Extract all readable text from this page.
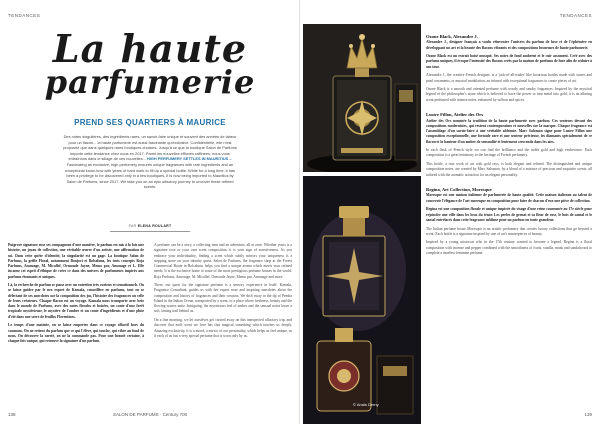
TENDANCES
La haute
parfumerie
PREND SES QUARTIERS À MAURICE
Des notes singulières, des ingrédients rares, un savoir-faire unique et souvent des années de labeur pour un flacon... la haute parfumerie est aussi fascinante qu'exclusive. Confidentielle, elle n'est proposée que dans quelques rares boutiques choisies. Jusqu'à ce que la boutique Salon de Parfums importe cette tendance chez nous en 2017. Parmi les nouvelles effluves raffinées, nous vous entraînons dans le sillage de ces nouvelles... HIGH PERFUMERY SETTLES IN MAURITIUS – Fascinating as exclusive, high perfumery ensures unique fragrances with rare ingredients and an exceptional know-how with years of hard work to fill up a special bottle. While for a long time, it has been a privilege to be discovered only in a few boutiques, it is now being imported to Mauritius by Salon de Parfums, since 2017. We take you on an epic olfactory journey to uncover these refined scents.
PAR ELENA ROULART

Puigrove signature rose ses compagnons d'une manière, le parfum est mis à la fois une histoire, un joyau de collection, une véritable œuvre d'un artiste, une affirmation de soi. Dans cette quête d'identité, la singularité est un gage. La boutique Salon de Parfums, la griffe Floral, notamment Bonjovi et Bolsaluna, les trois concepts Roja Parfums, Amouage, M. Micallef, Ormonde Jayne, Memo par, Amouage et L. Elle incarne cet esprit d'éthique de créer ce dans des univers de parfumeurs inspirés aux parfums étonnants et uniques.

Là, la recherche de parfum se passe avec un entretien très curieux et sensationnels. On se laisse guider par le nez expert de Kamala, conseillère en parfums, tout en se délectant de ses anecdotes sur la composition des jus, l'histoire des fragrances ou celle de leurs créateurs. Chaque flacon est un voyage. Kamala nous transporte avec brio dans le monde de Parfums, avec des notes florales et boisées, un conte d'une forêt tropicale mystérieuse, le mystère de l'ambre et un conte d'ingrédients et d'une pluie d'été dans une serre de feuilles Florentines.

Le temps d'une matinée, on se laisse emporter dans ce voyage olfactif hors du commun. On ne retient du parfum que ce qui l'élève, qui touche, qui vibre au fond de nous. On découvre la rareté, on ne la commande pas. Pour une beauté certaine, à chaque fois unique, qui retrouve la signature d'un parfum.

A perfume can be a story, a collecting item and an adventure, all at once. Whether yours is a signature rose or your own scent composition, it is your sign of assertiveness. As you embrace your individuality, finding a scent which subtly mirrors your uniqueness is a stepping stone on your identity quest. Salon de Parfums, the fragrance shop at the Forest Commercial Route in Bolsaluna, helps you find a unique aroma which meets your refined needs. It is the exclusive home to some of the most prestigious perfume houses in the world: Roja Parfums, Amouage, M. Micallef, Ormonde Jayne, Memo par, Amouage and more.

There, our quest for the signature perfume is a sensory experience in itself. Kamala, Fragrance Consultant, guides us with her expert nose and inspiring anecdotes about the composition and history of fragrances and their creators. We drift away to the tip of Pemba Island in the Indian Ocean, transported by a scent, to a place where freshness, beauty and the flowing waters unite. Intriguing, the mysterious feel of amber and the sensual notes leave a soft, lasting trail behind us.

On a fine morning, we let ourselves get carried away on this unexpected olfactory trip, and discover that each scent we love has that magical something which touches us deeply. Amazing exclusivity, it is a mood, a mirror of our personality, which helps us feel unique, as if each of us has a very special perfume that is worn only by us.

138	SALON DE PARFUMS · Century 700
TENDANCES
139
© Anais Derny
Ozone Black, Alexandre J.

Alexandre J., designer français a voulu réinventer l'univers du parfum de luxe et de l'éphémère en développant un art et la beauté des flacons vibrants et des compositions luxueuses de haute parfumerie.

Ozone Black est un extrait boisé musqué. Ses notes de fond ambrent et le cuir assument. Créé avec des parfums uniques, il évoque l'intensité des flacons créés par la maison de parfums de luxe afin de séduire à son tour.

Alexandre J., the creative French designer, is a 'jack-of-all-trades' like luxurious bottles made with stones and pearl ornaments, or musical modulation, an infused with exceptional fragrances to create pieces of art.

Ozone Black is a smooth and oriented perfume with woody and smoky fragrances. Inspired by the mystical legend of the philosopher's stone which is believed to have the power to turn metal into gold, it is an alluring scent perfumed with intense notes, enhanced by saffron and spices.

Lustre Fillon, Atelier des Ors

Atelier des Ors nommée la tradition de la haute parfumerie avec parfum. Ces senteurs devant des compositions modernistes, qui restent contemporaines et nouvelles sur la marque. Chaque fragrance est l'assemblage d'un savoir-faire à une véritable alchimie. Marc Salomon signe pour Lustre Fillon une composition exceptionnelle, une formule rare et une senteur précieuse, les diamants spécialement de ce flacon et la hauteur d'un ambre de sensualité et lentement crescendo dans les airs.

In each flask of French style we can find the brilliance and the noble gold and high exuberance. Each composition is a great testimony to the heritage of French perfumery.

This bottle, a true work of art with gold rays, is both elegant and refined. The distinguished and unique composition notes, are created by Marc Salomon, by a blend of a mixture of precious and exquisite scents, all tailored with the aromatic attraction for an elegant personality.

Regina, Art Collection, Moresque

Moresque est une maison italienne de parfumerie de haute qualité. Cette maison italienne au talent de concevoir l'élégance de l'art moresque en composition pour faire de chacun d'eux une pièce de collection.

Regina est une composition florale et unique inspirée du visage d'une reine couronnée au 17e siècle pour rejoindre une ville dans les bras du ténor. Les perles de grenat et sa fleur de rose, le bois de santal et le santal entrelacés dans cette fragrance sublime pour un parfum en toute grandeur.

The Italian perfume house Moresque is an artistic perfumery that creates luxury collections that go beyond a scent. Each bottle is a signature inspired by one of art's masterpieces of beauty.

Inspired by a young aristocrat who in the 17th century wanted to become a legend, Regina is a floral composition with incense and pepper combined with the smoothness of fruits, vanilla, musk and sandalwood to complete a timeless feminine perfume.
